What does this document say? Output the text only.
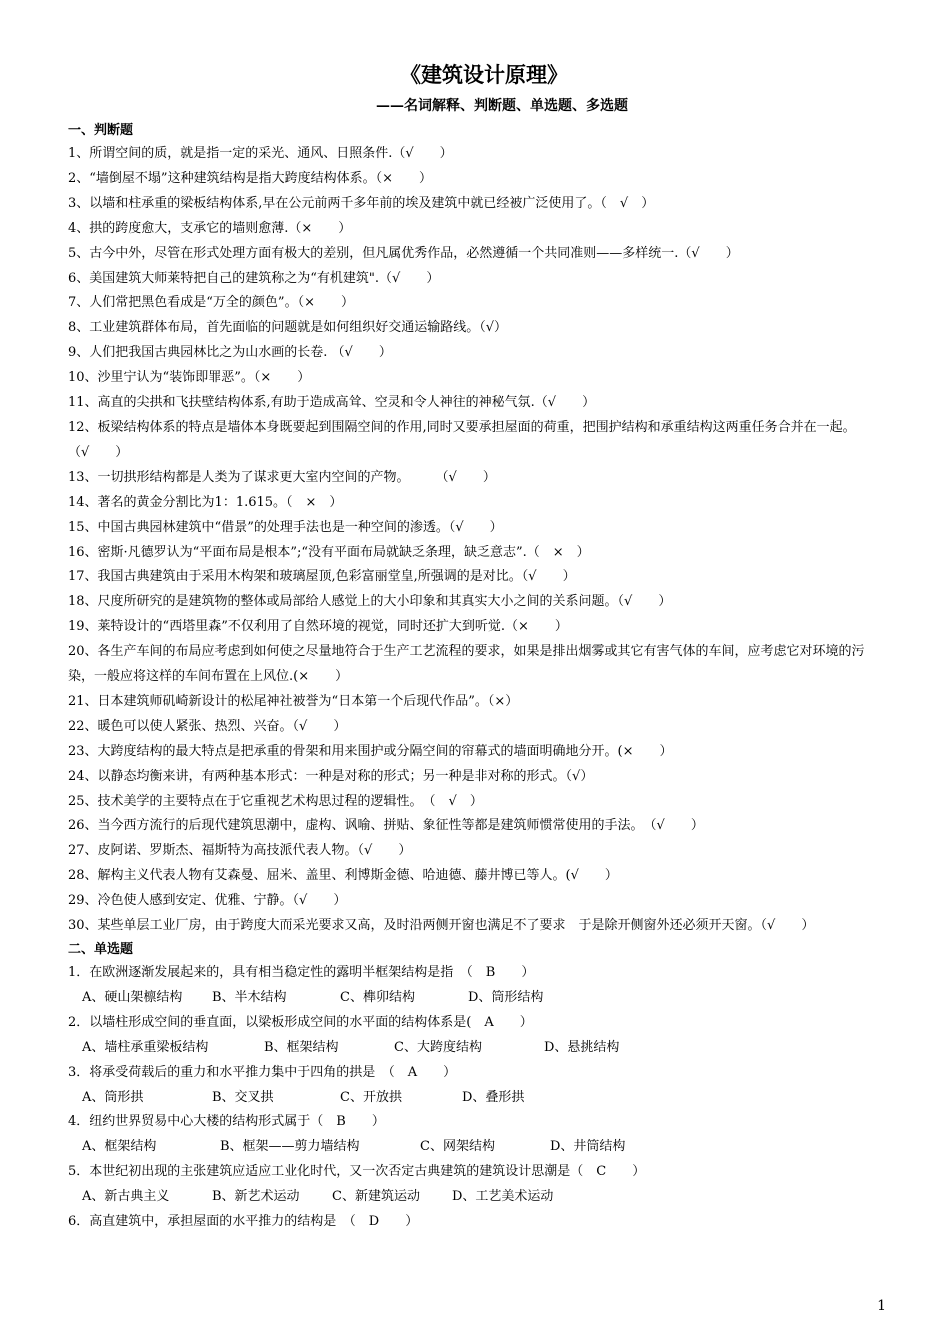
《建筑设计原理》
——名词解释、判断题、单选题、多选题
一、判断题
1、所谓空间的质，就是指一定的采光、通风、日照条件.（√　　）
2、“墙倒屋不塌”这种建筑结构是指大跨度结构体系。（×　　）
3、以墙和柱承重的梁板结构体系,早在公元前两千多年前的埃及建筑中就已经被广泛使用了。（　√　）
4、拱的跨度愈大，支承它的墙则愈薄.（×　　）
5、古今中外，尽管在形式处理方面有极大的差别，但凡属优秀作品，必然遵循一个共同准则——多样统一.（√　　）
6、美国建筑大师莱特把自己的建筑称之为“有机建筑".（√　　）
7、人们常把黑色看成是“万全的颜色”。（×　　）
8、工业建筑群体布局，首先面临的问题就是如何组织好交通运输路线。（√）
9、人们把我国古典园林比之为山水画的长卷. （√　　）
10、沙里宁认为“装饰即罪恶”。（×　　）
11、高直的尖拱和飞扶壁结构体系,有助于造成高耸、空灵和令人神往的神秘气氛.（√　　）
12、板梁结构体系的特点是墙体本身既要起到围隔空间的作用,同时又要承担屋面的荷重，把围护结构和承重结构这两重任务合并在一起。　 （√　　）
13、一切拱形结构都是人类为了谋求更大室内空间的产物。　　　（√　　）
14、著名的黄金分割比为1：1.615。（　×　）
15、中国古典园林建筑中“借景”的处理手法也是一种空间的渗透。（√　　）
16、密斯·凡德罗认为“平面布局是根本”;“没有平面布局就缺乏条理，缺乏意志”.（　×　）
17、我国古典建筑由于采用木构架和玻璃屋顶,色彩富丽堂皇,所强调的是对比。（√　　）
18、尺度所研究的是建筑物的整体或局部给人感觉上的大小印象和其真实大小之间的关系问题。（√　　）
19、莱特设计的“西塔里森”不仅利用了自然环境的视觉，同时还扩大到听觉.（×　　）
20、各生产车间的布局应考虑到如何使之尽量地符合于生产工艺流程的要求，如果是排出烟雾或其它有害气体的车间，应考虑它对环境的污染，一般应将这样的车间布置在上风位.(×　　）
21、日本建筑师矶崎新设计的松尾神社被誉为“日本第一个后现代作品”。（×）
22、暖色可以使人紧张、热烈、兴奋。（√　　）
23、大跨度结构的最大特点是把承重的骨架和用来围护或分隔空间的帘幕式的墙面明确地分开。(×　　）
24、以静态均衡来讲，有两种基本形式：一种是对称的形式；另一种是非对称的形式。（√）
25、技术美学的主要特点在于它重视艺术构思过程的逻辑性。　（　√　）
26、当今西方流行的后现代建筑思潮中，虚构、讽喻、拼贴、象征性等都是建筑师惯常使用的手法。　（√　　）
27、皮阿诺、罗斯杰、福斯特为高技派代表人物。（√　　）
28、解构主义代表人物有艾森曼、屈米、盖里、利博斯金德、哈迪德、藤井博已等人。(√　　）
29、冷色使人感到安定、优雅、宁静。（√　　）
30、某些单层工业厂房，由于跨度大而采光要求又高，及时沿两侧开窗也满足不了要求　于是除开侧窗外还必须开天窗。（√　　）
二、单选题
1．在欧洲逐渐发展起来的，具有相当稳定性的露明半框架结构是指　（　B　　）
A、硬山架檩结构 B、半木结构	C、榫卯结构	D、筒形结构
2．以墙柱形成空间的垂直面，以梁板形成空间的水平面的结构体系是(　A　　）
A、墙柱承重梁板结构	B、框架结构	C、大跨度结构	D、悬挑结构
3．将承受荷载后的重力和水平推力集中于四角的拱是　（　A　　）
A、筒形拱	B、交叉拱	C、开放拱	D、叠形拱
4．纽约世界贸易中心大楼的结构形式属于（　B　　）
A、框架结构	B、框架——剪力墙结构	C、网架结构	D、井筒结构
5．本世纪初出现的主张建筑应适应工业化时代，又一次否定古典建筑的建筑设计思潮是（　C　　）
A、新古典主义	B、新艺术运动 C、新建筑运动 D、工艺美术运动
6．高直建筑中，承担屋面的水平推力的结构是　（　D　　）
1
